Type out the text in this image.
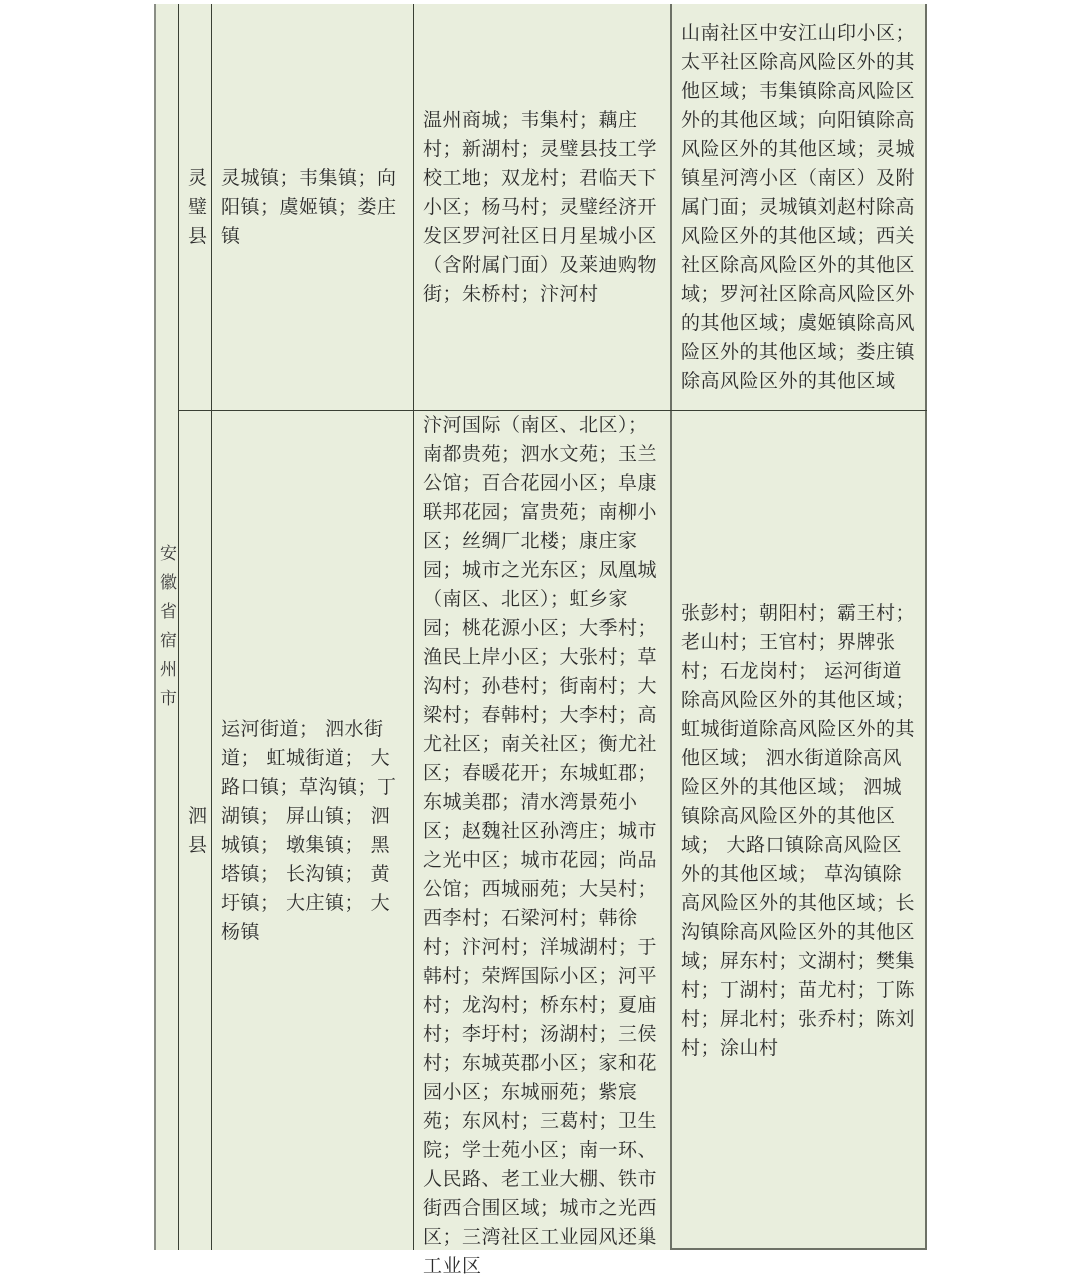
安徽省宿州市
灵璧县
灵城镇；韦集镇；向阳镇；虞姬镇；娄庄镇
温州商城；韦集村；藕庄村；新湖村；灵璧县技工学校工地；双龙村；君临天下小区；杨马村；灵璧经济开发区罗河社区日月星城小区（含附属门面）及莱迪购物街；朱桥村；汴河村
山南社区中安江山印小区；太平社区除高风险区外的其他区域；韦集镇除高风险区外的其他区域；向阳镇除高风险区外的其他区域；灵城镇星河湾小区（南区）及附属门面；灵城镇刘赵村除高风险区外的其他区域；西关社区除高风险区外的其他区域；罗河社区除高风险区外的其他区域；虞姬镇除高风险区外的其他区域；娄庄镇除高风险区外的其他区域
泗县
运河街道； 泗水街道； 虹城街道； 大路口镇；草沟镇；丁湖镇； 屏山镇； 泗城镇； 墩集镇； 黑塔镇； 长沟镇； 黄圩镇； 大庄镇； 大杨镇
汴河国际（南区、北区）；南都贵苑；泗水文苑；玉兰公馆；百合花园小区；阜康联邦花园；富贵苑；南柳小区；丝绸厂北楼；康庄家园；城市之光东区；凤凰城（南区、北区）；虹乡家园；桃花源小区；大季村；渔民上岸小区；大张村；草沟村；孙巷村；街南村；大梁村；春韩村；大李村；高尤社区；南关社区；衡尤社区；春暖花开；东城虹郡；东城美郡；清水湾景苑小区；赵魏社区孙湾庄；城市之光中区；城市花园；尚品公馆；西城丽苑；大吴村；西李村；石梁河村；韩徐村；汴河村；洋城湖村；于韩村；荣辉国际小区；河平村；龙沟村；桥东村；夏庙村；李圩村；汤湖村；三侯村；东城英郡小区；家和花园小区；东城丽苑；紫宸苑；东风村；三葛村；卫生院；学士苑小区；南一环、人民路、老工业大棚、铁市街西合围区域；城市之光西区；三湾社区工业园风还巢工业区
张彭村；朝阳村；霸王村；老山村；王官村；界牌张村；石龙岗村； 运河街道除高风险区外的其他区域； 虹城街道除高风险区外的其他区域； 泗水街道除高风险区外的其他区域； 泗城镇除高风险区外的其他区域； 大路口镇除高风险区外的其他区域； 草沟镇除高风险区外的其他区域；长沟镇除高风险区外的其他区域；屏东村；文湖村；樊集村；丁湖村；苗尤村；丁陈村；屏北村；张乔村；陈刘村；涂山村
